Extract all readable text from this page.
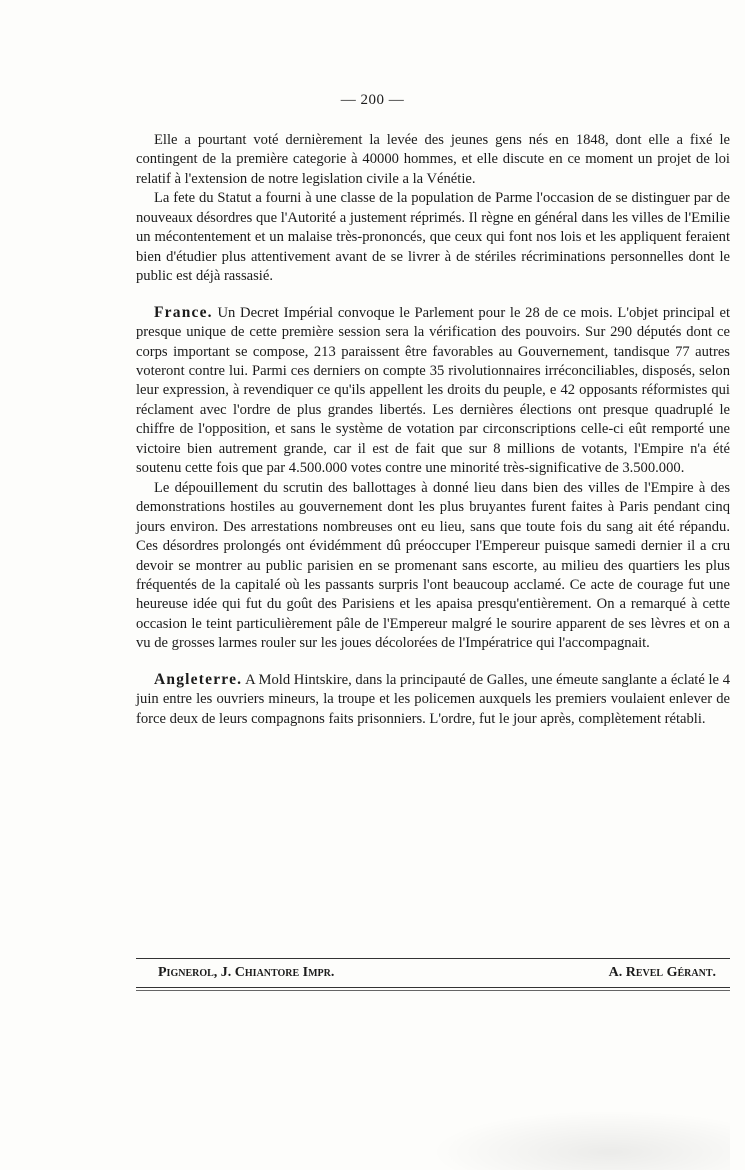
— 200 —

Elle a pourtant voté dernièrement la levée des jeunes gens nés en 1848, dont elle a fixé le contingent de la première categorie à 40000 hommes, et elle discute en ce moment un projet de loi relatif à l'extension de notre legislation civile a la Vénétie.

La fete du Statut a fourni à une classe de la population de Parme l'occasion de se distinguer par de nouveaux désordres que l'Autorité a justement réprimés. Il règne en général dans les villes de l'Emilie un mécontentement et un malaise très-prononcés, que ceux qui font nos lois et les appliquent feraient bien d'étudier plus attentivement avant de se livrer à de stériles récriminations personnelles dont le public est déjà rassasié.

France. Un Decret Impérial convoque le Parlement pour le 28 de ce mois. L'objet principal et presque unique de cette première session sera la vérification des pouvoirs. Sur 290 députés dont ce corps important se compose, 213 paraissent être favorables au Gouvernement, tandisque 77 autres voteront contre lui. Parmi ces derniers on compte 35 rivolutionnaires irréconciliables, disposés, selon leur expression, à revendiquer ce qu'ils appellent les droits du peuple, e 42 opposants réformistes qui réclament avec l'ordre de plus grandes libertés. Les dernières élections ont presque quadruplé le chiffre de l'opposition, et sans le système de votation par circonscriptions celle-ci eût remporté une victoire bien autrement grande, car il est de fait que sur 8 millions de votants, l'Empire n'a été soutenu cette fois que par 4.500.000 votes contre une minorité très-significative de 3.500.000.

Le dépouillement du scrutin des ballottages à donné lieu dans bien des villes de l'Empire à des demonstrations hostiles au gouvernement dont les plus bruyantes furent faites à Paris pendant cinq jours environ. Des arrestations nombreuses ont eu lieu, sans que toute fois du sang ait été répandu. Ces désordres prolongés ont évidémment dû préoccuper l'Empereur puisque samedi dernier il a cru devoir se montrer au public parisien en se promenant sans escorte, au milieu des quartiers les plus fréquentés de la capitalé où les passants surpris l'ont beaucoup acclamé. Ce acte de courage fut une heureuse idée qui fut du goût des Parisiens et les apaisa presqu'entièrement. On a remarqué à cette occasion le teint particulièrement pâle de l'Empereur malgré le sourire apparent de ses lèvres et on a vu de grosses larmes rouler sur les joues décolorées de l'Impératrice qui l'accompagnait.

Angleterre. A Mold Hintskire, dans la principauté de Galles, une émeute sanglante a éclaté le 4 juin entre les ouvriers mineurs, la troupe et les policemen auxquels les premiers voulaient enlever de force deux de leurs compagnons faits prisonniers. L'ordre, fut le jour après, complètement rétabli.

Pignerol, J. Chiantore Impr.	A. Revel Gérant.
